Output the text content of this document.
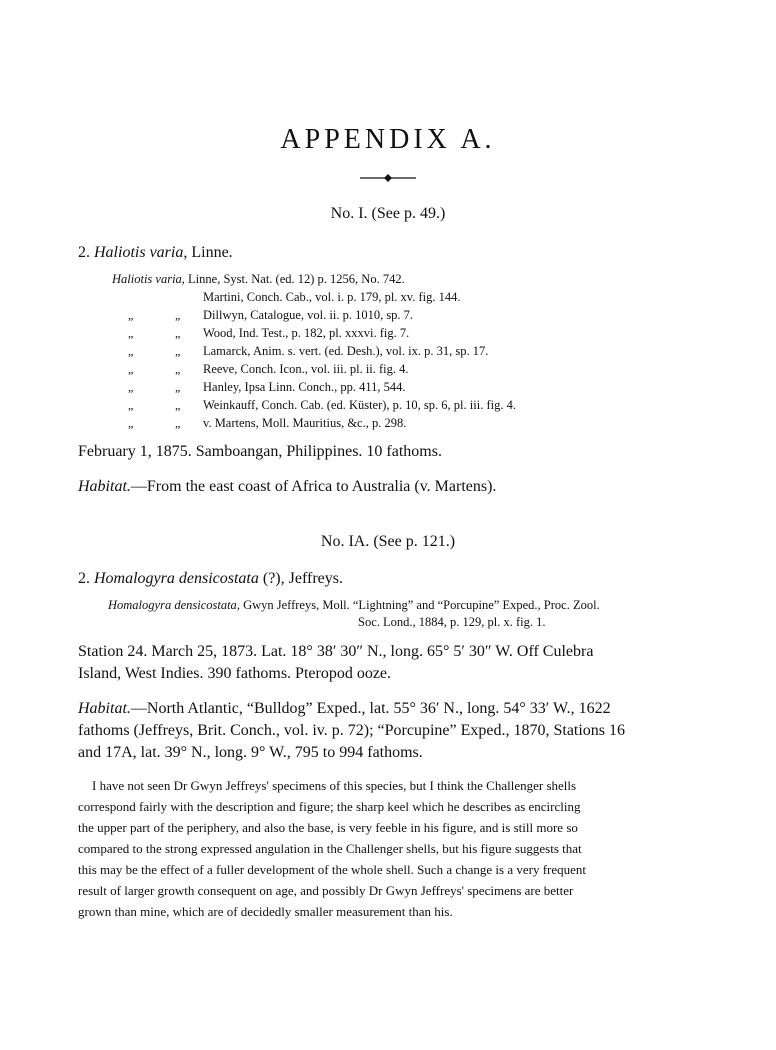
APPENDIX A.
No. I. (See p. 49.)
2. Haliotis varia, Linne.
Haliotis varia, Linne, Syst. Nat. (ed. 12) p. 1256, No. 742.
Martini, Conch. Cab., vol. i. p. 179, pl. xv. fig. 144.
„	„ Dillwyn, Catalogue, vol. ii. p. 1010, sp. 7.
„	„ Wood, Ind. Test., p. 182, pl. xxxvi. fig. 7.
„	„ Lamarck, Anim. s. vert. (ed. Desh.), vol. ix. p. 31, sp. 17.
„	„ Reeve, Conch. Icon., vol. iii. pl. ii. fig. 4.
„	„ Hanley, Ipsa Linn. Conch., pp. 411, 544.
„	„ Weinkauff, Conch. Cab. (ed. Küster), p. 10, sp. 6, pl. iii. fig. 4.
„	„ v. Martens, Moll. Mauritius, &c., p. 298.
February 1, 1875. Samboangan, Philippines. 10 fathoms.
Habitat.—From the east coast of Africa to Australia (v. Martens).
No. IA. (See p. 121.)
2. Homalogyra densicostata (?), Jeffreys.
Homalogyra densicostata, Gwyn Jeffreys, Moll. “Lightning” and “Porcupine” Exped., Proc. Zool.
Soc. Lond., 1884, p. 129, pl. x. fig. 1.
Station 24. March 25, 1873. Lat. 18° 38′ 30″ N., long. 65° 5′ 30″ W. Off Culebra
Island, West Indies. 390 fathoms. Pteropod ooze.
Habitat.—North Atlantic, “Bulldog” Exped., lat. 55° 36′ N., long. 54° 33′ W., 1622
fathoms (Jeffreys, Brit. Conch., vol. iv. p. 72); “Porcupine” Exped., 1870, Stations 16
and 17A, lat. 39° N., long. 9° W., 795 to 994 fathoms.
I have not seen Dr Gwyn Jeffreys' specimens of this species, but I think the Challenger shells
correspond fairly with the description and figure; the sharp keel which he describes as encircling
the upper part of the periphery, and also the base, is very feeble in his figure, and is still more so
compared to the strong expressed angulation in the Challenger shells, but his figure suggests that
this may be the effect of a fuller development of the whole shell. Such a change is a very frequent
result of larger growth consequent on age, and possibly Dr Gwyn Jeffreys' specimens are better
grown than mine, which are of decidedly smaller measurement than his.
